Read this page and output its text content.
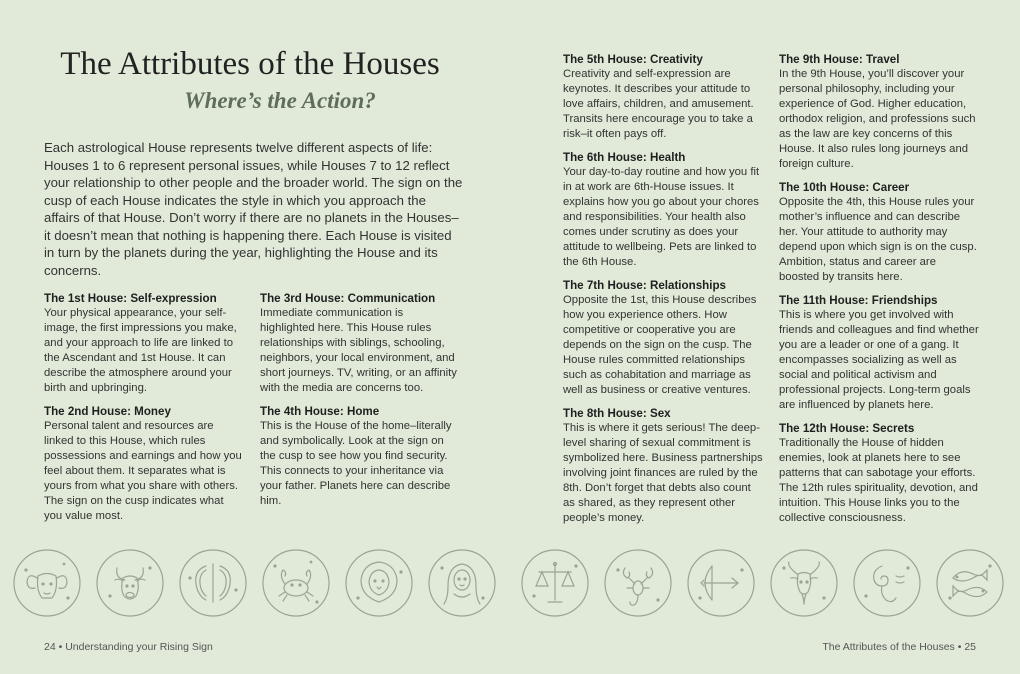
The Attributes of the Houses
Where’s the Action?

Each astrological House represents twelve different aspects of life: Houses 1 to 6 represent personal issues, while Houses 7 to 12 reflect your relationship to other people and the broader world. The sign on the cusp of each House indicates the style in which you approach the affairs of that House. Don’t worry if there are no planets in the Houses–it doesn’t mean that nothing is happening there. Each House is visited in turn by the planets during the year, highlighting the House and its concerns.

The 1st House: Self-expression

Your physical appearance, your self-image, the first impressions you make, and your approach to life are linked to the Ascendant and 1st House. It can describe the atmosphere around your birth and upbringing.

The 2nd House: Money

Personal talent and resources are linked to this House, which rules possessions and earnings and how you feel about them. It separates what is yours from what you share with others. The sign on the cusp indicates what you value most.

The 3rd House: Communication

Immediate communication is highlighted here. This House rules relationships with siblings, schooling, neighbors, your local environment, and short journeys. TV, writing, or an affinity with the media are concerns too.

The 4th House: Home

This is the House of the home–literally and symbolically. Look at the sign on the cusp to see how you find security. This connects to your inheritance via your father. Planets here can describe him.

The 5th House: Creativity

Creativity and self-expression are keynotes. It describes your attitude to love affairs, children, and amusement. Transits here encourage you to take a risk–it often pays off.

The 6th House: Health

Your day-to-day routine and how you fit in at work are 6th-House issues. It explains how you go about your chores and responsibilities. Your health also comes under scrutiny as does your attitude to wellbeing. Pets are linked to the 6th House.

The 7th House: Relationships

Opposite the 1st, this House describes how you experience others. How competitive or cooperative you are depends on the sign on the cusp. The House rules committed relationships such as cohabitation and marriage as well as business or creative ventures.

The 8th House: Sex

This is where it gets serious! The deep-level sharing of sexual commitment is symbolized here. Business partnerships involving joint finances are ruled by the 8th. Don’t forget that debts also count as shared, as they represent other people’s money.

The 9th House: Travel

In the 9th House, you’ll discover your personal philosophy, including your experience of God. Higher education, orthodox religion, and professions such as the law are key concerns of this House. It also rules long journeys and foreign culture.

The 10th House: Career

Opposite the 4th, this House rules your mother’s influence and can describe her. Your attitude to authority may depend upon which sign is on the cusp. Ambition, status and career are boosted by transits here.

The 11th House: Friendships

This is where you get involved with friends and colleagues and find whether you are a leader or one of a gang. It encompasses socializing as well as social and political activism and professional projects. Long-term goals are influenced by planets here.

The 12th House: Secrets

Traditionally the House of hidden enemies, look at planets here to see patterns that can sabotage your efforts. The 12th rules spirituality, devotion, and intuition. This House links you to the collective consciousness.

24 • Understanding your Rising Sign	The Attributes of the Houses • 25
